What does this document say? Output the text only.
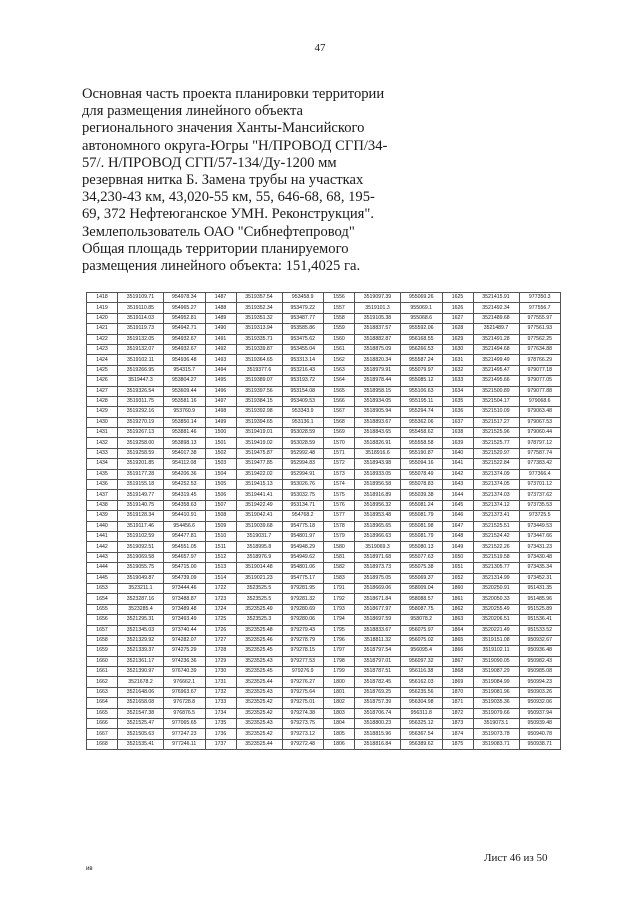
47
Основная часть проекта планировки территории
для размещения линейного объекта
регионального значения Ханты-Мансийского
автономного округа-Югры "Н/ПРОВОД СГП/34-
57/. Н/ПРОВОД СГП/57-134/Ду-1200 мм
резервная нитка Б. Замена трубы на участках
34,230-43 км, 43,020-55 км, 55, 646-68, 68, 195-
69, 372 Нефтеюганское УМН. Реконструкция".
Землепользователь ОАО "Сибнефтепровод"
Общая площадь территории планируемого
размещения линейного объекта: 151,4025 га.
1418	3519109.71	954978.34	1487	3519357.54	953458.9	1556	3519097.39	955069.26	1625	3521415.91	977350.3
1419	3519110.85	954965.27	1488	3519352.34	953479.22	1557	3519101.3	955069.1	1626	3521492.34	977556.7
1420	3519114.03	954952.81	1489	3519351.32	953487.77	1558	3519105.38	955068.6	1627	3521489.68	977555.97
1421	3519119.73	954942.71	1490	3519313.94	953585.86	1559	3518837.57	955592.06	1628	3521489.7	977561.93
1422	3519132.05	954932.67	1491	3519335.71	953475.62	1560	3518882.87	956168.55	1629	3521491.28	977562.25
1423	3519132.07	954932.67	1492	3519339.87	953455.04	1561	3518875.09	956266.53	1630	3521494.68	977634.88
1424	3519102.11	954936.48	1493	3519364.65	953313.14	1562	3518820.34	955587.24	1631	3521499.49	978766.29
1425	3519266.95	954315.7	1494	3519377.6	953216.43	1563	3518979.91	955079.97	1632	3521495.47	979077.18
1426	3519447.3	953804.27	1495	3519389.07	953193.72	1564	3518978.44	955085.12	1633	3521495.66	979077.05
1427	3519326.54	953609.44	1496	3519397.56	953154.08	1565	3518958.15	955106.63	1634	3521500.89	979077.88
1428	3519311.75	953581.16	1497	3519384.15	953409.53	1566	3518934.05	955195.11	1635	3521504.17	979068.6
1429	3519292.16	953760.9	1498	3519392.98	953343.9	1567	3518905.94	955294.74	1636	3521510.09	979063.48
1430	3519270.19	953850.14	1499	3519394.65	953136.1	1568	3518893.67	955362.06	1637	3521517.27	979067.53
1431	3519267.13	953881.46	1500	3519419.01	953028.59	1569	3518843.65	955458.62	1638	3521525.96	979060.44
1432	3519258.00	953898.13	1501	3519419.02	953028.59	1570	3518826.91	955558.58	1639	3521525.77	978797.12
1433	3519258.59	954017.38	1502	3519475.87	952992.48	1571	3518916.6	955190.87	1640	3521520.97	977587.74
1434	3519201.85	954112.08	1503	3519477.85	952994.83	1572	3518943.98	955094.16	1641	3521522.84	977383.42
1435	3519177.28	954206.36	1504	3519422.02	952994.91	1573	3518933.05	955078.49	1642	3521374.09	977366.4
1436	3519155.18	954252.53	1505	3519415.13	953026.76	1574	3518956.58	955078.83	1643	3521374.05	973701.12
1437	3519149.77	954319.45	1506	3519441.41	953032.75	1575	3518916.89	955039.38	1644	3521374.03	973737.62
1438	3519140.75	954358.63	1507	3519422.49	953134.71	1576	3518956.32	955081.24	1645	3521374.12	973735.53
1439	3519128.34	954410.91	1508	3519042.41	954768.2	1577	3518953.48	955081.79	1646	3521373.41	973725.5
1440	3519117.46	954456.6	1509	3519039.68	954775.18	1578	3518965.65	955081.98	1647	3521525.51	973449.53
1441	3519102.59	954477.81	1510	3519031.7	954801.97	1579	3518966.63	955081.79	1648	3521524.42	973447.66
1442	3519092.51	954551.05	1511	3518995.8	954948.29	1580	3519069.3	955080.13	1649	3521522.26	973431.23
1443	3519069.58	954657.97	1512	3518976.9	954949.62	1581	3518971.68	955077.63	1650	3521519.58	973430.48
1444	3519055.75	954715.00	1513	3519014.48	954801.06	1582	3518973.73	955075.38	1651	3521305.77	973435.34
1445	3519049.87	954739.09	1514	3519021.23	954775.17	1583	3518975.05	955069.37	1652	3521314.99	973452.31
1653	3523211.1	973444.46	1722	3523525.5	979281.95	1791	3518669.06	958009.04	1860	3520250.91	951431.35
1654	3523287.16	973488.87	1723	3523525.5	979281.32	1792	3518671.84	958088.57	1861	3520050.33	951485.96
1655	3523285.4	973489.48	1724	3523525.49	979280.69	1793	3518677.97	958087.75	1862	3520255.49	951525.89
1656	3521295.31	973493.49	1725	3523525.3	979280.06	1794	3518697.59	958078.2	1863	3520206.51	951536.41
1657	3521345.03	973740.44	1726	3523525.48	979279.43	1795	3518833.67	956075.97	1864	3520221.49	951533.52
1658	3521329.92	974282.07	1727	3523525.46	979278.79	1796	3518811.32	956075.02	1865	3519151.08	950932.67
1659	3521339.37	974275.29	1728	3523525.45	979278.15	1797	3518797.54	956095.4	1866	3519102.11	950936.48
1660	3521361.17	974236.36	1729	3523525.43	979277.53	1798	3518797.01	956097.32	1867	3519090.05	950982.43
1661	3521390.97	976740.39	1730	3523525.45	979276.9	1799	3518787.51	956116.38	1868	3519087.29	950985.08
1662	3521678.2	976662.1	1731	3523525.44	979276.27	1800	3518782.45	956162.03	1869	3519084.99	950994.23
1663	3521648.06	976963.67	1732	3523525.43	979275.64	1801	3518769.25	956235.56	1870	3519081.96	950903.26
1664	3521658.08	976728.8	1733	3523525.42	979275.01	1802	3518757.39	956304.98	1871	3519035.36	950932.06
1665	3521547.38	976876.5	1734	3523525.42	979274.38	1803	3518706.74	956311.8	1872	3519079.66	950937.94
1666	3521525.47	977065.65	1735	3523525.43	979273.75	1804	3518800.23	956325.12	1873	3519073.1	950939.48
1667	3521505.63	977247.23	1736	3523525.42	979273.12	1805	3518815.96	956367.54	1874	3519073.78	950940.78
1668	3521535.41	977246.11	1737	3523525.44	979272.48	1806	3518816.84	956389.62	1875	3519083.71	950938.71
Лист 46 из 50
ив
